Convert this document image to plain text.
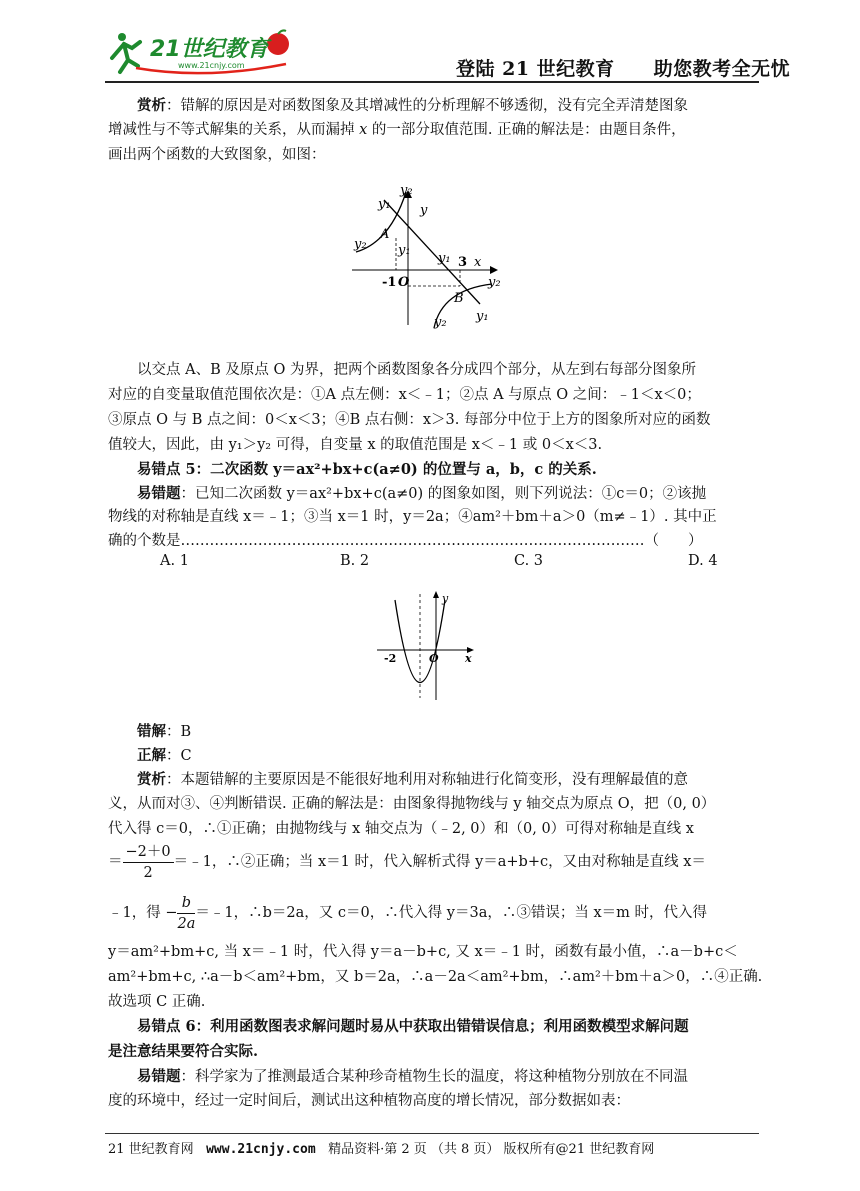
21世纪教育
www.21cnjy.com	登陆 21 世纪教育　　助您教考全无忧
赏析：错解的原因是对函数图象及其增减性的分析理解不够透彻，没有完全弄清楚图象
增减性与不等式解集的关系，从而漏掉 x 的一部分取值范围. 正确的解法是：由题目条件，
画出两个函数的大致图象，如图：
y₂
y₁ y
A
y₂ y₁
y₁ x
B
y₂
y₂ y₁
3
-1 O
以交点 A、B 及原点 O 为界，把两个函数图象各分成四个部分，从左到右每部分图象所
对应的自变量取值范围依次是：①A 点左侧：x＜﹣1；②点 A 与原点 O 之间：﹣1＜x＜0；
③原点 O 与 B 点之间：0＜x＜3；④B 点右侧：x＞3. 每部分中位于上方的图象所对应的函数
值较大，因此，由 y₁＞y₂ 可得，自变量 x 的取值范围是 x＜﹣1 或 0＜x＜3.
易错点 5：二次函数 y＝ax²+bx+c(a≠0) 的位置与 a，b，c 的关系.
易错题：已知二次函数 y＝ax²+bx+c(a≠0) 的图象如图，则下列说法：①c＝0；②该抛
物线的对称轴是直线 x＝﹣1；③当 x＝1 时，y＝2a；④am²＋bm＋a＞0（m≠﹣1）. 其中正
确的个数是……………………………………………………………………………………（　　）
A. 1	B. 2	C. 3	D. 4
y
-2	O x
错解：B
正解：C
赏析：本题错解的主要原因是不能很好地利用对称轴进行化简变形，没有理解最值的意
义，从而对③、④判断错误. 正确的解法是：由图象得抛物线与 y 轴交点为原点 O，把（0, 0）
代入得 c＝0，∴①正确；由抛物线与 x 轴交点为（﹣2, 0）和（0, 0）可得对称轴是直线 x
＝ $\frac{-2+0}{2}$ ＝﹣1，∴②正确；当 x＝1 时，代入解析式得 y＝a+b+c，又由对称轴是直线 x＝
﹣1，得 − $\frac{b}{2a}$ ＝﹣1，∴b＝2a，又 c＝0，∴代入得 y＝3a，∴③错误；当 x＝m 时，代入得
y＝am²+bm+c, 当 x＝﹣1 时，代入得 y＝a－b+c, 又 x＝﹣1 时，函数有最小值，∴a－b+c＜
am²+bm+c, ∴a－b＜am²+bm，又 b＝2a，∴a－2a＜am²+bm，∴am²＋bm＋a＞0，∴④正确.
故选项 C 正确.
易错点 6：利用函数图表求解问题时易从中获取出错错误信息；利用函数模型求解问题
是注意结果要符合实际.
易错题：科学家为了推测最适合某种珍奇植物生长的温度，将这种植物分别放在不同温
度的环境中，经过一定时间后，测试出这种植物高度的增长情况，部分数据如表：
21 世纪教育网 www.21cnjy.com 精品资料·第 2 页 （共 8 页） 版权所有@21 世纪教育网
